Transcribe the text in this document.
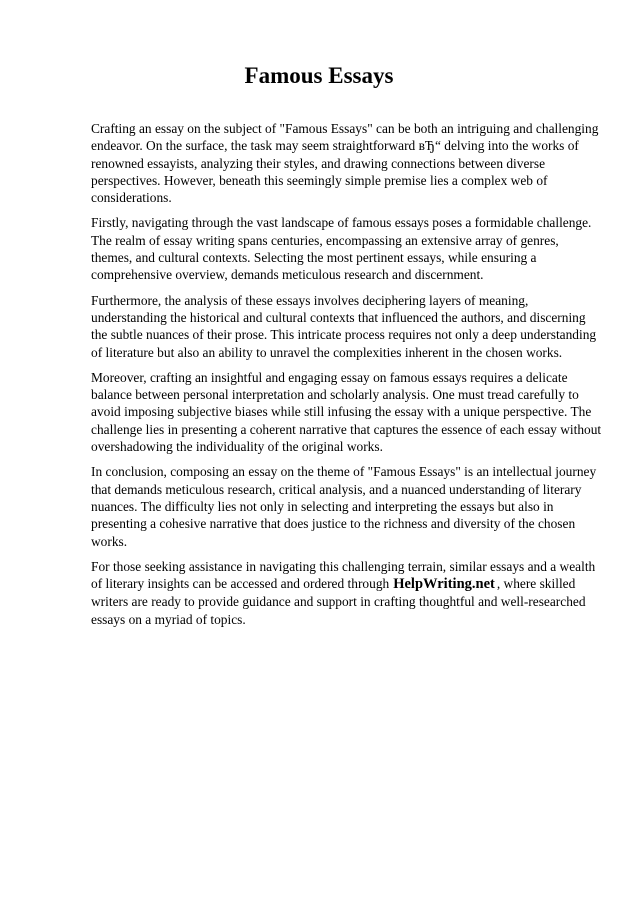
Famous Essays

Crafting an essay on the subject of "Famous Essays" can be both an intriguing and challenging endeavor. On the surface, the task may seem straightforward вЂ“ delving into the works of renowned essayists, analyzing their styles, and drawing connections between diverse perspectives. However, beneath this seemingly simple premise lies a complex web of considerations.

Firstly, navigating through the vast landscape of famous essays poses a formidable challenge. The realm of essay writing spans centuries, encompassing an extensive array of genres, themes, and cultural contexts. Selecting the most pertinent essays, while ensuring a comprehensive overview, demands meticulous research and discernment.

Furthermore, the analysis of these essays involves deciphering layers of meaning, understanding the historical and cultural contexts that influenced the authors, and discerning the subtle nuances of their prose. This intricate process requires not only a deep understanding of literature but also an ability to unravel the complexities inherent in the chosen works.

Moreover, crafting an insightful and engaging essay on famous essays requires a delicate balance between personal interpretation and scholarly analysis. One must tread carefully to avoid imposing subjective biases while still infusing the essay with a unique perspective. The challenge lies in presenting a coherent narrative that captures the essence of each essay without overshadowing the individuality of the original works.

In conclusion, composing an essay on the theme of "Famous Essays" is an intellectual journey that demands meticulous research, critical analysis, and a nuanced understanding of literary nuances. The difficulty lies not only in selecting and interpreting the essays but also in presenting a cohesive narrative that does justice to the richness and diversity of the chosen works.

For those seeking assistance in navigating this challenging terrain, similar essays and a wealth of literary insights can be accessed and ordered through HelpWriting.net , where skilled writers are ready to provide guidance and support in crafting thoughtful and well-researched essays on a myriad of topics.
